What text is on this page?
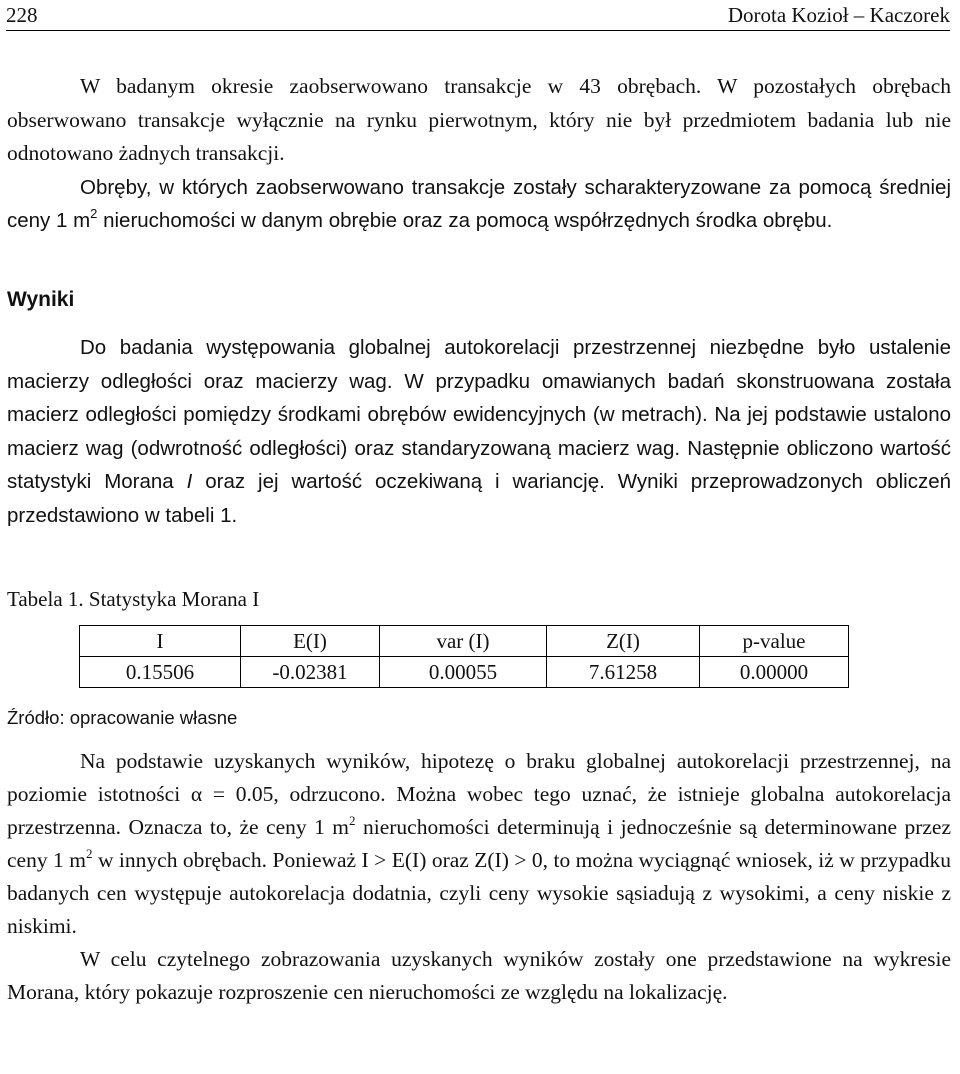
228	Dorota Kozioł – Kaczorek

W badanym okresie zaobserwowano transakcje w 43 obrębach. W pozostałych obrębach obserwowano transakcje wyłącznie na rynku pierwotnym, który nie był przedmiotem badania lub nie odnotowano żadnych transakcji.

Obręby, w których zaobserwowano transakcje zostały scharakteryzowane za pomocą średniej ceny 1 $m^2$ nieruchomości w danym obrębie oraz za pomocą współrzędnych środka obrębu.

Wyniki

Do badania występowania globalnej autokorelacji przestrzennej niezbędne było ustalenie macierzy odległości oraz macierzy wag. W przypadku omawianych badań skonstruowana została macierz odległości pomiędzy środkami obrębów ewidencyjnych (w metrach). Na jej podstawie ustalono macierz wag (odwrotność odległości) oraz standaryzowaną macierz wag. Następnie obliczono wartość statystyki Morana I oraz jej wartość oczekiwaną i wariancję. Wyniki przeprowadzonych obliczeń przedstawiono w tabeli 1.

Tabela 1. Statystyka Morana I

I	E(I)	var (I)	Z(I)	p-value
0.15506	-0.02381	0.00055	7.61258	0.00000

Źródło: opracowanie własne

Na podstawie uzyskanych wyników, hipotezę o braku globalnej autokorelacji przestrzennej, na poziomie istotności α = 0.05, odrzucono. Można wobec tego uznać, że istnieje globalna autokorelacja przestrzenna. Oznacza to, że ceny 1 $m^2$ nieruchomości determinują i jednocześnie są determinowane przez ceny 1 $m^2$ w innych obrębach. Ponieważ I > E(I) oraz Z(I) > 0, to można wyciągnąć wniosek, iż w przypadku badanych cen występuje autokorelacja dodatnia, czyli ceny wysokie sąsiadują z wysokimi, a ceny niskie z niskimi.

W celu czytelnego zobrazowania uzyskanych wyników zostały one przedstawione na wykresie Morana, który pokazuje rozproszenie cen nieruchomości ze względu na lokalizację.
